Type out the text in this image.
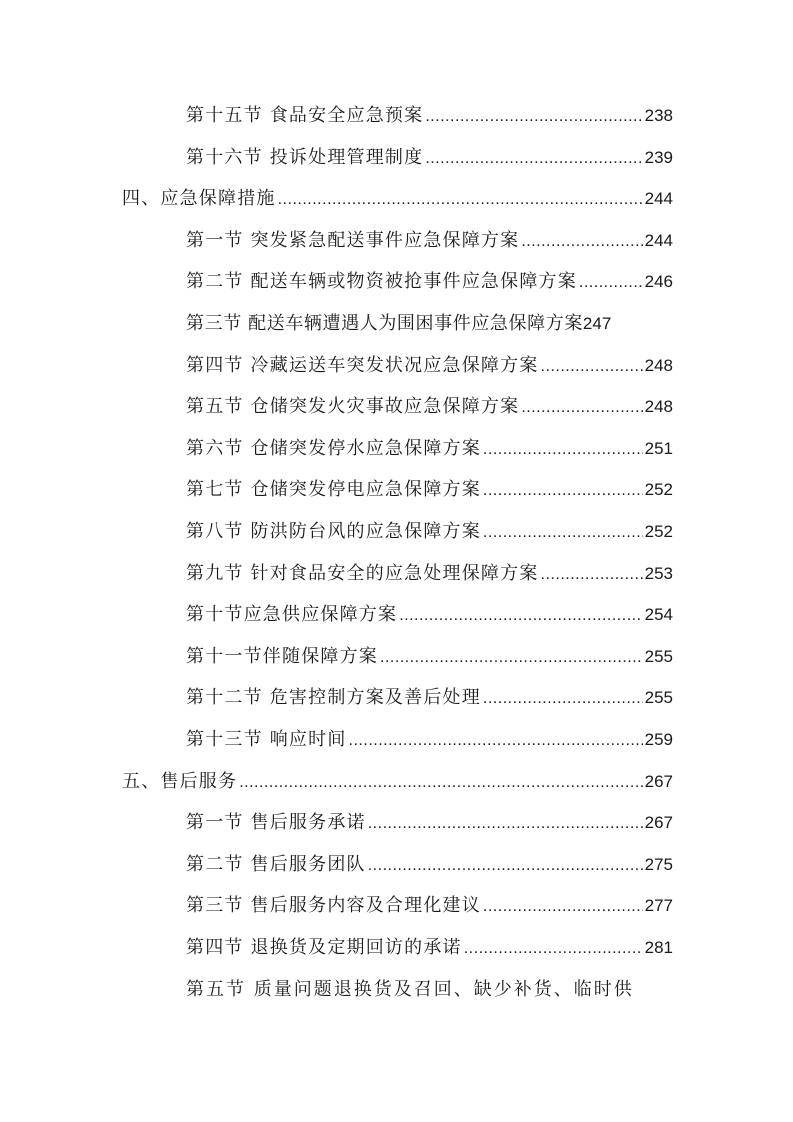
第十五节 食品安全应急预案 .....	238
第十六节 投诉处理管理制度 .....	239
四、应急保障措施 .....	244
第一节 突发紧急配送事件应急保障方案 .....	244
第二节 配送车辆或物资被抢事件应急保障方案 .....	246
第三节 配送车辆遭遇人为围困事件应急保障方案 247
第四节 冷藏运送车突发状况应急保障方案 .....	248
第五节 仓储突发火灾事故应急保障方案 .....	248
第六节 仓储突发停水应急保障方案 .....	251
第七节 仓储突发停电应急保障方案 .....	252
第八节 防洪防台风的应急保障方案 .....	252
第九节 针对食品安全的应急处理保障方案 .....	253
第十节应急供应保障方案 .....	254
第十一节伴随保障方案 .....	255
第十二节 危害控制方案及善后处理 .....	255
第十三节 响应时间 .....	259
五、售后服务 .....	267
第一节 售后服务承诺 .....	267
第二节 售后服务团队 .....	275
第三节 售后服务内容及合理化建议 .....	277
第四节 退换货及定期回访的承诺 .....	281
第五节 质量问题退换货及召回、缺少补货、临时供
